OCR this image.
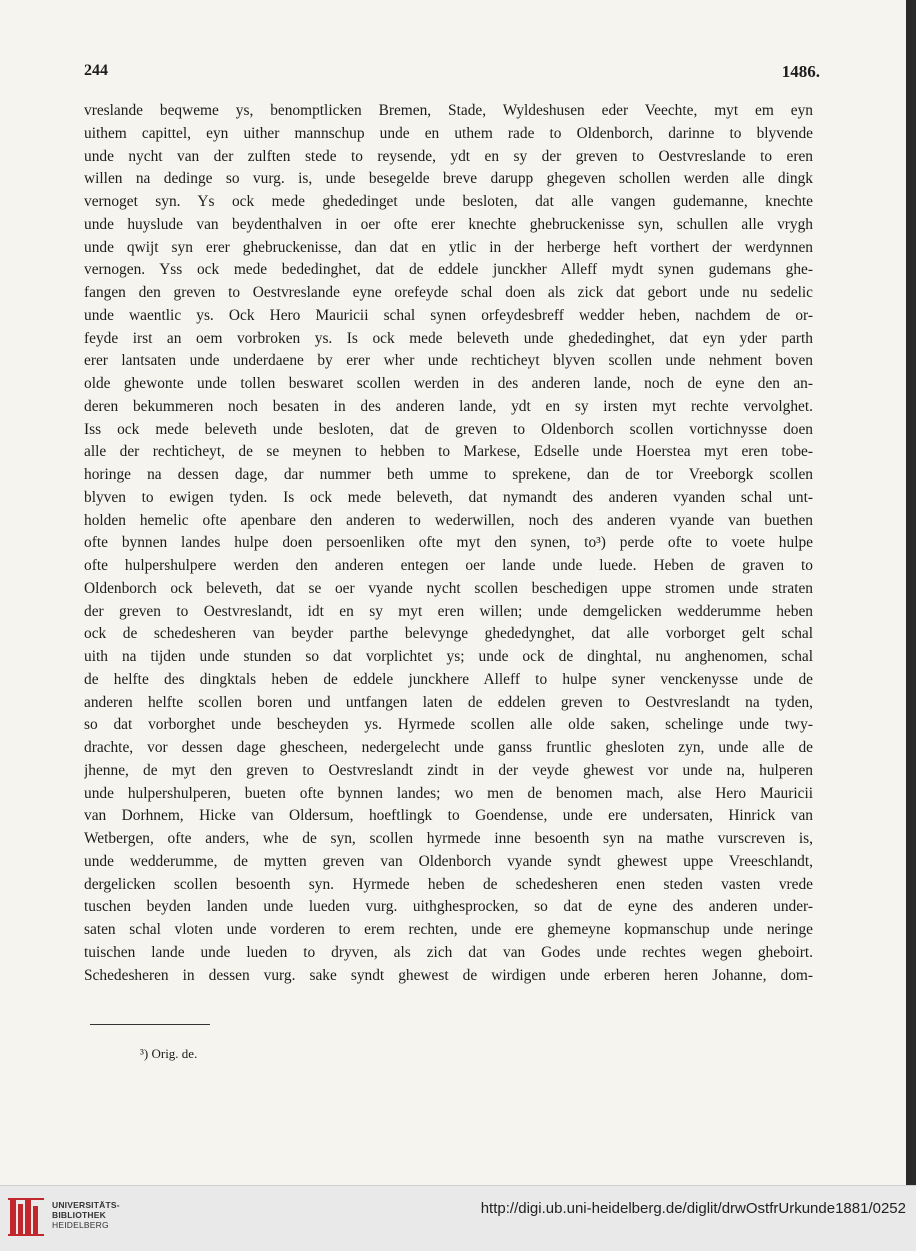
244	1486.
vreslande beqweme ys, benomptlicken Bremen, Stade, Wyldeshusen eder Veechte, myt em eyn
uithem capittel, eyn uither mannschup unde en uthem rade to Oldenborch, darinne to blyvende
unde nycht van der zulften stede to reysende, ydt en sy der greven to Oestvreslande to eren
willen na dedinge so vurg. is, unde besegelde breve darupp ghegeven schollen werden alle dingk
vernoget syn. Ys ock mede ghededinget unde besloten, dat alle vangen gudemanne, knechte
unde huyslude van beydenthalven in oer ofte erer knechte ghebruckenisse syn, schullen alle vrygh
unde qwijt syn erer ghebruckenisse, dan dat en ytlic in der herberge heft vorthert der werdynnen
vernogen. Yss ock mede bededinghet, dat de eddele junckher Alleff mydt synen gudemans ghe-
fangen den greven to Oestvreslande eyne orefeyde schal doen als zick dat gebort unde nu sedelic
unde waentlic ys. Ock Hero Mauricii schal synen orfeydesbreff wedder heben, nachdem de or-
feyde irst an oem vorbroken ys. Is ock mede beleveth unde ghededinghet, dat eyn yder parth
erer lantsaten unde underdaene by erer wher unde rechticheyt blyven scollen unde nehment boven
olde ghewonte unde tollen beswaret scollen werden in des anderen lande, noch de eyne den an-
deren bekummeren noch besaten in des anderen lande, ydt en sy irsten myt rechte vervolghet.
Iss ock mede beleveth unde besloten, dat de greven to Oldenborch scollen vortichnysse doen
alle der rechticheyt, de se meynen to hebben to Markese, Edselle unde Hoerstea myt eren tobe-
horinge na dessen dage, dar nummer beth umme to sprekene, dan de tor Vreeborgk scollen
blyven to ewigen tyden. Is ock mede beleveth, dat nymandt des anderen vyanden schal unt-
holden hemelic ofte apenbare den anderen to wederwillen, noch des anderen vyande van buethen
ofte bynnen landes hulpe doen persoenliken ofte myt den synen, to³) perde ofte to voete hulpe
ofte hulpershulpere werden den anderen entegen oer lande unde luede. Heben de graven to
Oldenborch ock beleveth, dat se oer vyande nycht scollen beschedigen uppe stromen unde straten
der greven to Oestvreslandt, idt en sy myt eren willen; unde demgelicken wedderumme heben
ock de schedesheren van beyder parthe belevynge ghededynghet, dat alle vorborget gelt schal
uith na tijden unde stunden so dat vorplichtet ys; unde ock de dinghtal, nu anghenomen, schal
de helfte des dingktals heben de eddele junckhere Alleff to hulpe syner venckenysse unde de
anderen helfte scollen boren und untfangen laten de eddelen greven to Oestvreslandt na tyden,
so dat vorborghet unde bescheyden ys. Hyrmede scollen alle olde saken, schelinge unde twy-
drachte, vor dessen dage ghescheen, nedergelecht unde ganss fruntlic ghesloten zyn, unde alle de
jhenne, de myt den greven to Oestvreslandt zindt in der veyde ghewest vor unde na, hulperen
unde hulpershulperen, bueten ofte bynnen landes; wo men de benomen mach, alse Hero Mauricii
van Dorhnem, Hicke van Oldersum, hoeftlingk to Goendense, unde ere undersaten, Hinrick van
Wetbergen, ofte anders, whe de syn, scollen hyrmede inne besoenth syn na mathe vurscreven is,
unde wedderumme, de mytten greven van Oldenborch vyande syndt ghewest uppe Vreeschlandt,
dergelicken scollen besoenth syn. Hyrmede heben de schedesheren enen steden vasten vrede
tuschen beyden landen unde lueden vurg. uithghesprocken, so dat de eyne des anderen under-
saten schal vloten unde vorderen to erem rechten, unde ere ghemeyne kopmanschup unde neringe
tuischen lande unde lueden to dryven, als zich dat van Godes unde rechtes wegen gheboirt.
Schedesheren in dessen vurg. sake syndt ghewest de wirdigen unde erberen heren Johanne, dom-
³) Orig. de.
UNIVERSITÄTS-
BIBLIOTHEK
HEIDELBERG
http://digi.ub.uni-heidelberg.de/diglit/drwOstfrUrkunde1881/0252
